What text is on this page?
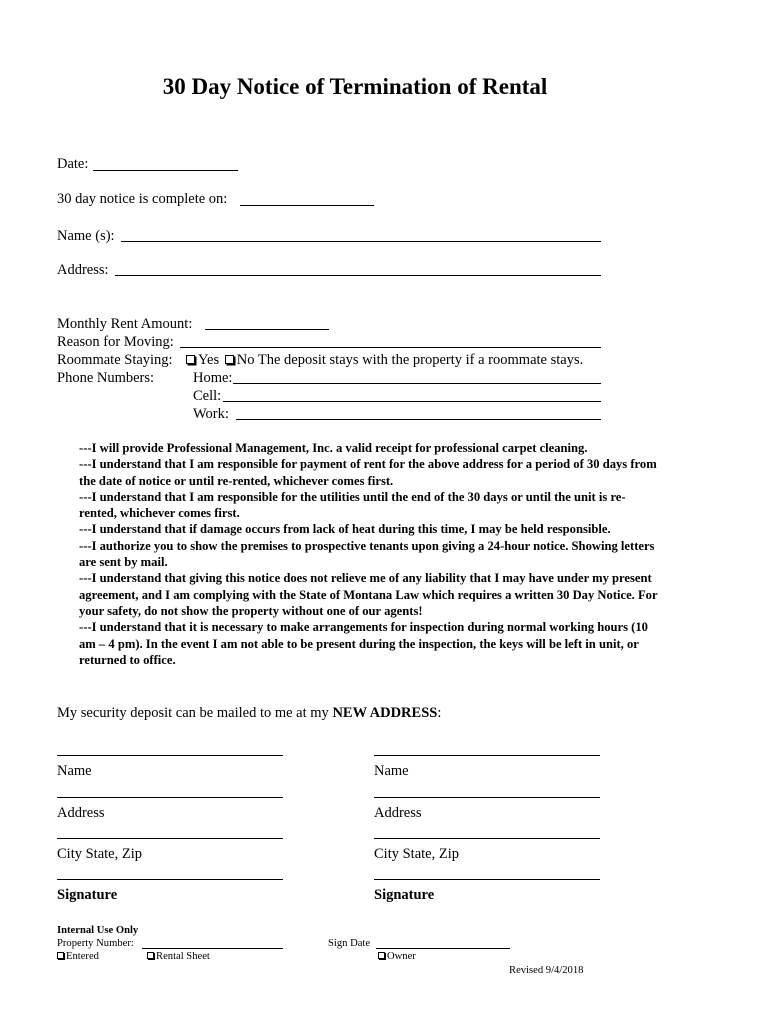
30 Day Notice of Termination of Rental
Date:
30 day notice is complete on:
Name (s):
Address:
Monthly Rent Amount:
Reason for Moving:
Roommate Staying:	Yes No The deposit stays with the property if a roommate stays.
Phone Numbers:	Home:
Cell:
Work:

---I will provide Professional Management, Inc. a valid receipt for professional carpet cleaning.

---I understand that I am responsible for payment of rent for the above address for a period of 30 days from the date of notice or until re-rented, whichever comes first.

---I understand that I am responsible for the utilities until the end of the 30 days or until the unit is re-rented, whichever comes first.

---I understand that if damage occurs from lack of heat during this time, I may be held responsible.

---I authorize you to show the premises to prospective tenants upon giving a 24-hour notice. Showing letters are sent by mail.

---I understand that giving this notice does not relieve me of any liability that I may have under my present agreement, and I am complying with the State of Montana Law which requires a written 30 Day Notice. For your safety, do not show the property without one of our agents!

---I understand that it is necessary to make arrangements for inspection during normal working hours (10 am – 4 pm). In the event I am not able to be present during the inspection, the keys will be left in unit, or returned to office.

My security deposit can be mailed to me at my NEW ADDRESS:
Name
Address
City State, Zip
Signature
Name
Address
City State, Zip
Signature
Internal Use Only
Property Number:
Entered	Rental Sheet
Sign Date
Owner
Revised 9/4/2018
